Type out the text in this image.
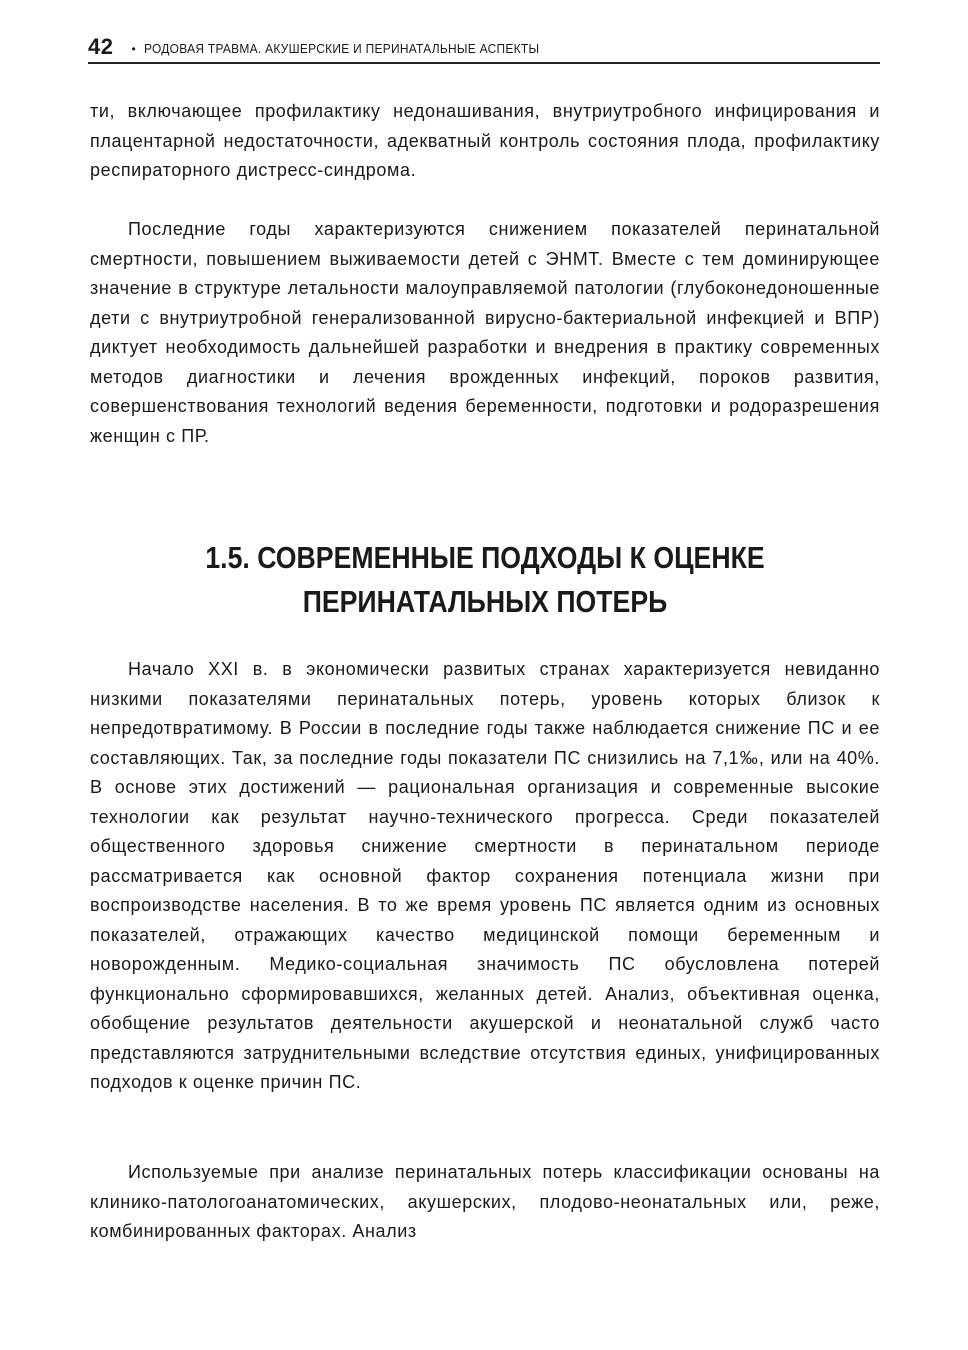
42 • РОДОВАЯ ТРАВМА. АКУШЕРСКИЕ И ПЕРИНАТАЛЬНЫЕ АСПЕКТЫ

ти, включающее профилактику недонашивания, внутриутробного инфицирования и плацентарной недостаточности, адекватный контроль состояния плода, профилактику респираторного дистресс-синдрома.

Последние годы характеризуются снижением показателей перинатальной смертности, повышением выживаемости детей с ЭНМТ. Вместе с тем доминирующее значение в структуре летальности малоуправляемой патологии (глубоконедоношенные дети с внутриутробной генерализованной вирусно-бактериальной инфекцией и ВПР) диктует необходимость дальнейшей разработки и внедрения в практику современных методов диагностики и лечения врожденных инфекций, пороков развития, совершенствования технологий ведения беременности, подготовки и родоразрешения женщин с ПР.

1.5. СОВРЕМЕННЫЕ ПОДХОДЫ К ОЦЕНКЕ
ПЕРИНАТАЛЬНЫХ ПОТЕРЬ

Начало XXI в. в экономически развитых странах характеризуется невиданно низкими показателями перинатальных потерь, уровень которых близок к непредотвратимому. В России в последние годы также наблюдается снижение ПС и ее составляющих. Так, за последние годы показатели ПС снизились на 7,1‰, или на 40%. В основе этих достижений — рациональная организация и современные высокие технологии как результат научно-технического прогресса. Среди показателей общественного здоровья снижение смертности в перинатальном периоде рассматривается как основной фактор сохранения потенциала жизни при воспроизводстве населения. В то же время уровень ПС является одним из основных показателей, отражающих качество медицинской помощи беременным и новорожденным. Медико-социальная значимость ПС обусловлена потерей функционально сформировавшихся, желанных детей. Анализ, объективная оценка, обобщение результатов деятельности акушерской и неонатальной служб часто представляются затруднительными вследствие отсутствия единых, унифицированных подходов к оценке причин ПС.

Используемые при анализе перинатальных потерь классификации основаны на клинико-патологоанатомических, акушерских, плодово-неонатальных или, реже, комбинированных факторах. Анализ
